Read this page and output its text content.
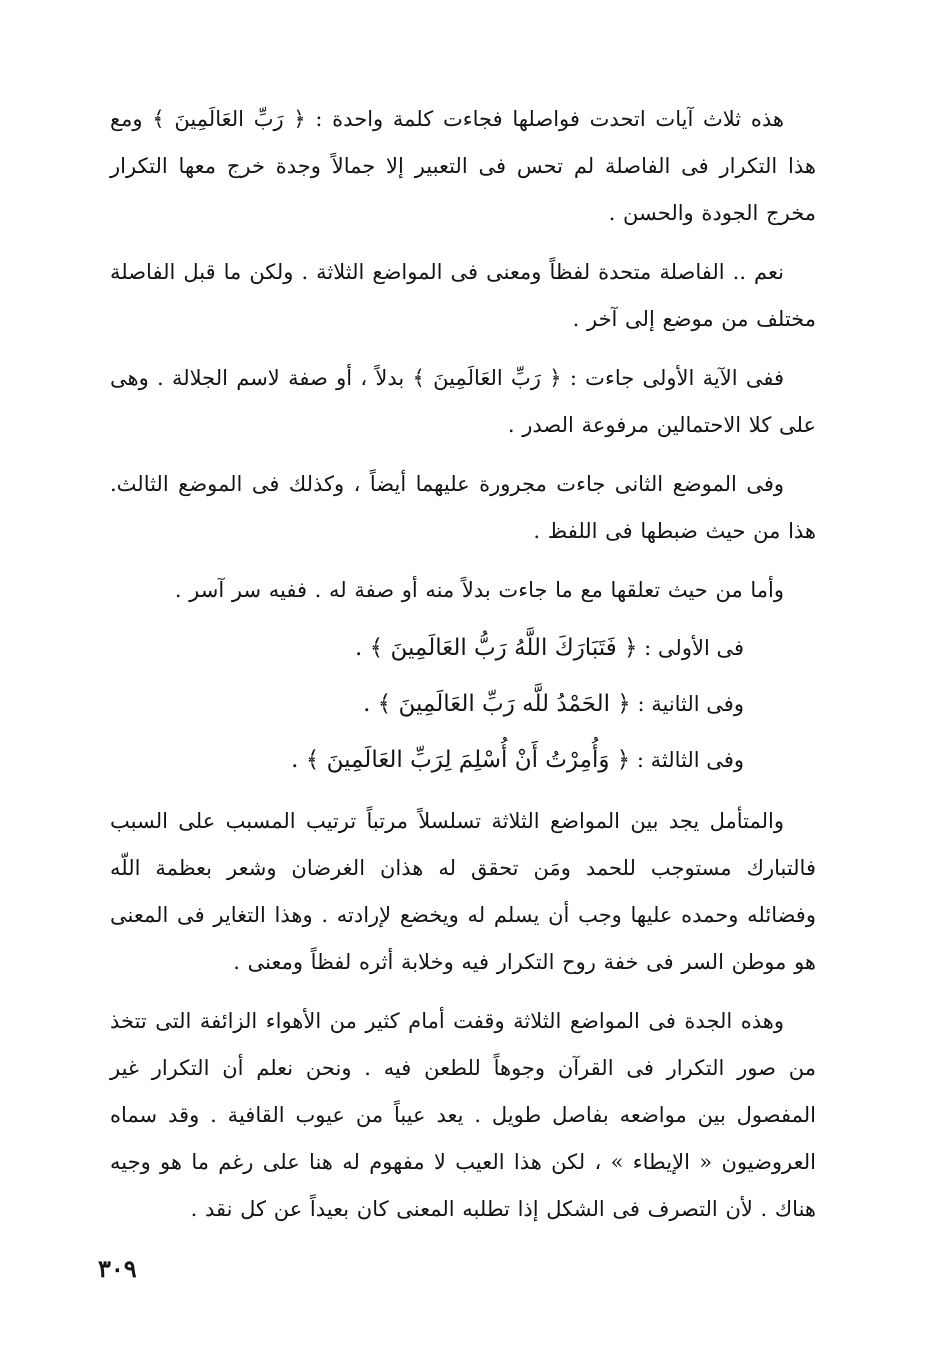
هذه ثلاث آيات اتحدت فواصلها فجاءت كلمة واحدة : ﴿ رَبِّ العَالَمِينَ ﴾ ومع هذا التكرار فى الفاصلة لم تحس فى التعبير إلا جمالاً وجدة خرج معها التكرار مخرج الجودة والحسن .

نعم .. الفاصلة متحدة لفظاً ومعنى فى المواضع الثلاثة . ولكن ما قبل الفاصلة مختلف من موضع إلى آخر .

ففى الآية الأولى جاءت : ﴿ رَبِّ العَالَمِينَ ﴾ بدلاً ، أو صفة لاسم الجلالة . وهى على كلا الاحتمالين مرفوعة الصدر .

وفى الموضع الثانى جاءت مجرورة عليهما أيضاً ، وكذلك فى الموضع الثالث. هذا من حيث ضبطها فى اللفظ .

وأما من حيث تعلقها مع ما جاءت بدلاً منه أو صفة له . ففيه سر آسر .

فى الأولى : ﴿ فَتَبَارَكَ اللَّهُ رَبُّ العَالَمِينَ ﴾ .

وفى الثانية : ﴿ الحَمْدُ للَّه رَبِّ العَالَمِينَ ﴾ .

وفى الثالثة : ﴿ وَأُمِرْتُ أَنْ أُسْلِمَ لِرَبِّ العَالَمِينَ ﴾ .

والمتأمل يجد بين المواضع الثلاثة تسلسلاً مرتباً ترتيب المسبب على السبب فالتبارك مستوجب للحمد ومَن تحقق له هذان الغرضان وشعر بعظمة اللّه وفضائله وحمده عليها وجب أن يسلم له ويخضع لإرادته . وهذا التغاير فى المعنى هو موطن السر فى خفة روح التكرار فيه وخلابة أثره لفظاً ومعنى .

وهذه الجدة فى المواضع الثلاثة وقفت أمام كثير من الأهواء الزائفة التى تتخذ من صور التكرار فى القرآن وجوهاً للطعن فيه . ونحن نعلم أن التكرار غير المفصول بين مواضعه بفاصل طويل . يعد عيباً من عيوب القافية . وقد سماه العروضيون « الإيطاء » ، لكن هذا العيب لا مفهوم له هنا على رغم ما هو وجيه هناك . لأن التصرف فى الشكل إذا تطلبه المعنى كان بعيداً عن كل نقد .

٣٠٩
